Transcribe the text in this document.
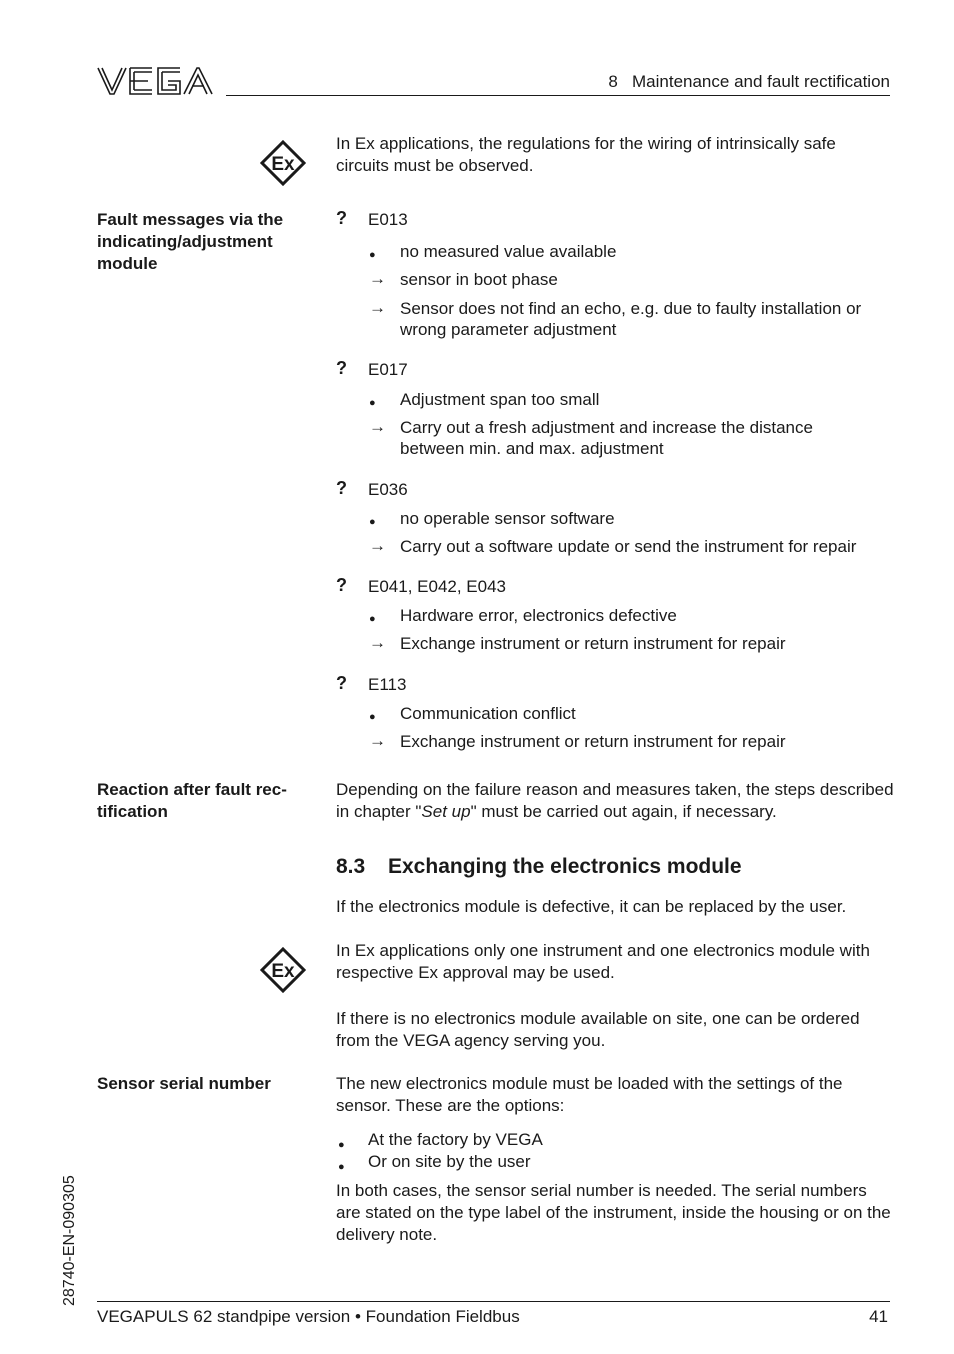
8   Maintenance and fault rectification
Ex
In Ex applications, the regulations for the wiring of intrinsically safe circuits must be observed.
Fault messages via the indicating/adjustment module
? E013
●	no measured value available
→ sensor in boot phase
→ Sensor does not find an echo, e.g. due to faulty installation or wrong parameter adjustment
? E017
●	Adjustment span too small
→ Carry out a fresh adjustment and increase the distance between min. and max. adjustment
? E036
●	no operable sensor software
→ Carry out a software update or send the instrument for repair
? E041, E042, E043
●	Hardware error, electronics defective
→ Exchange instrument or return instrument for repair
? E113
●	Communication conflict
→ Exchange instrument or return instrument for repair
Reaction after fault rec-tification
Depending on the failure reason and measures taken, the steps described in chapter "Set up" must be carried out again, if necessary.
8.3 Exchanging the electronics module
If the electronics module is defective, it can be replaced by the user.
Ex
In Ex applications only one instrument and one electronics module with respective Ex approval may be used.
If there is no electronics module available on site, one can be ordered from the VEGA agency serving you.
Sensor serial number	The new electronics module must be loaded with the settings of the sensor. These are the options:
● At the factory by VEGA
● Or on site by the user
In both cases, the sensor serial number is needed. The serial numbers are stated on the type label of the instrument, inside the housing or on the delivery note.
28740-EN-090305
VEGAPULS 62 standpipe version • Foundation Fieldbus	41
